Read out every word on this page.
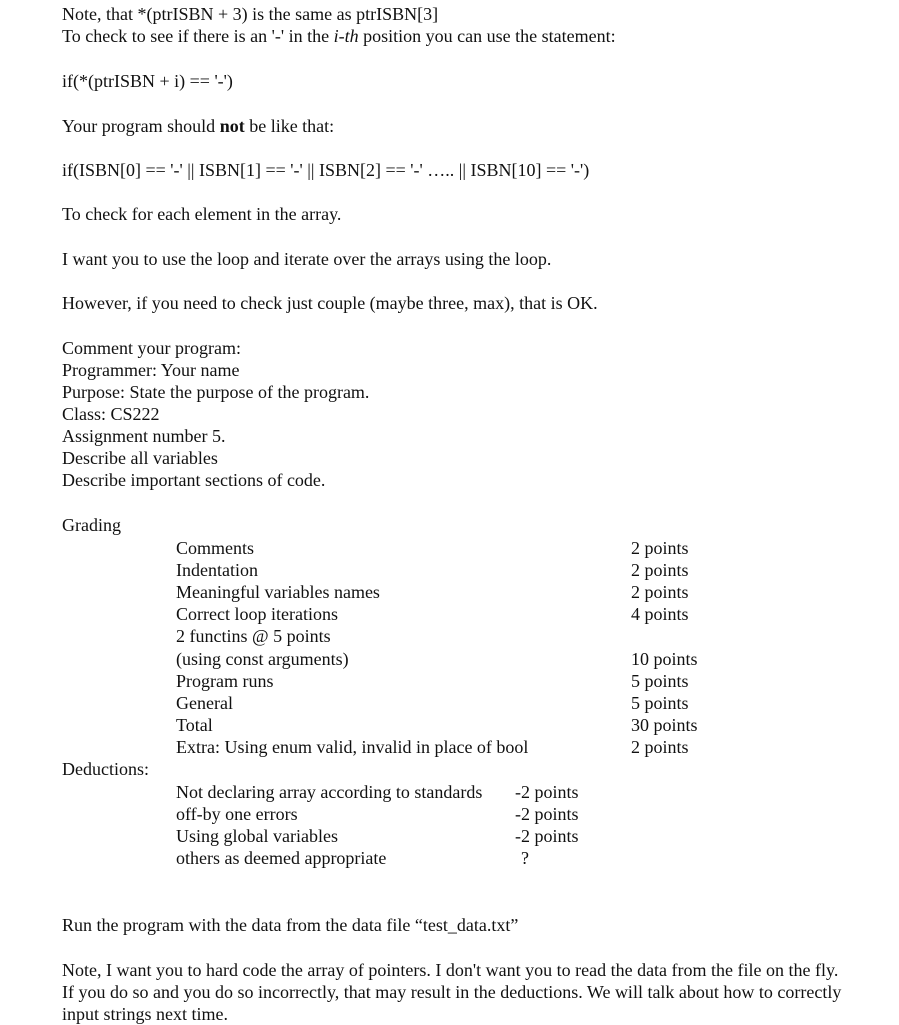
Note, that *(ptrISBN + 3) is the same as ptrISBN[3]
To check to see if there is an '-' in the i-th position you can use the statement:
if(*(ptrISBN + i) == '-')
Your program should not be like that:
if(ISBN[0] == '-' || ISBN[1] == '-' || ISBN[2] == '-' ….. || ISBN[10] == '-')
To check for each element in the array.
I want you to use the loop and iterate over the arrays using the loop.
However, if you need to check just couple (maybe three, max), that is OK.
Comment your program:
Programmer: Your name
Purpose: State the purpose of the program.
Class: CS222
Assignment number 5.
Describe all variables
Describe important sections of code.
Grading
Comments	2 points
Indentation	2 points
Meaningful variables names	2 points
Correct loop iterations	4 points
2 functins @ 5 points
(using const arguments)	10 points
Program runs	5 points
General	5 points
Total	30 points
Extra: Using enum valid, invalid in place of bool	2 points
Deductions:
Not declaring array according to standards -2 points
off-by one errors	-2 points
Using global variables	-2 points
others as deemed appropriate	?
Run the program with the data from the data file “test_data.txt”
Note, I want you to hard code the array of pointers. I don't want you to read the data from the file on the fly. If you do so and you do so incorrectly, that may result in the deductions. We will talk about how to correctly input strings next time.
